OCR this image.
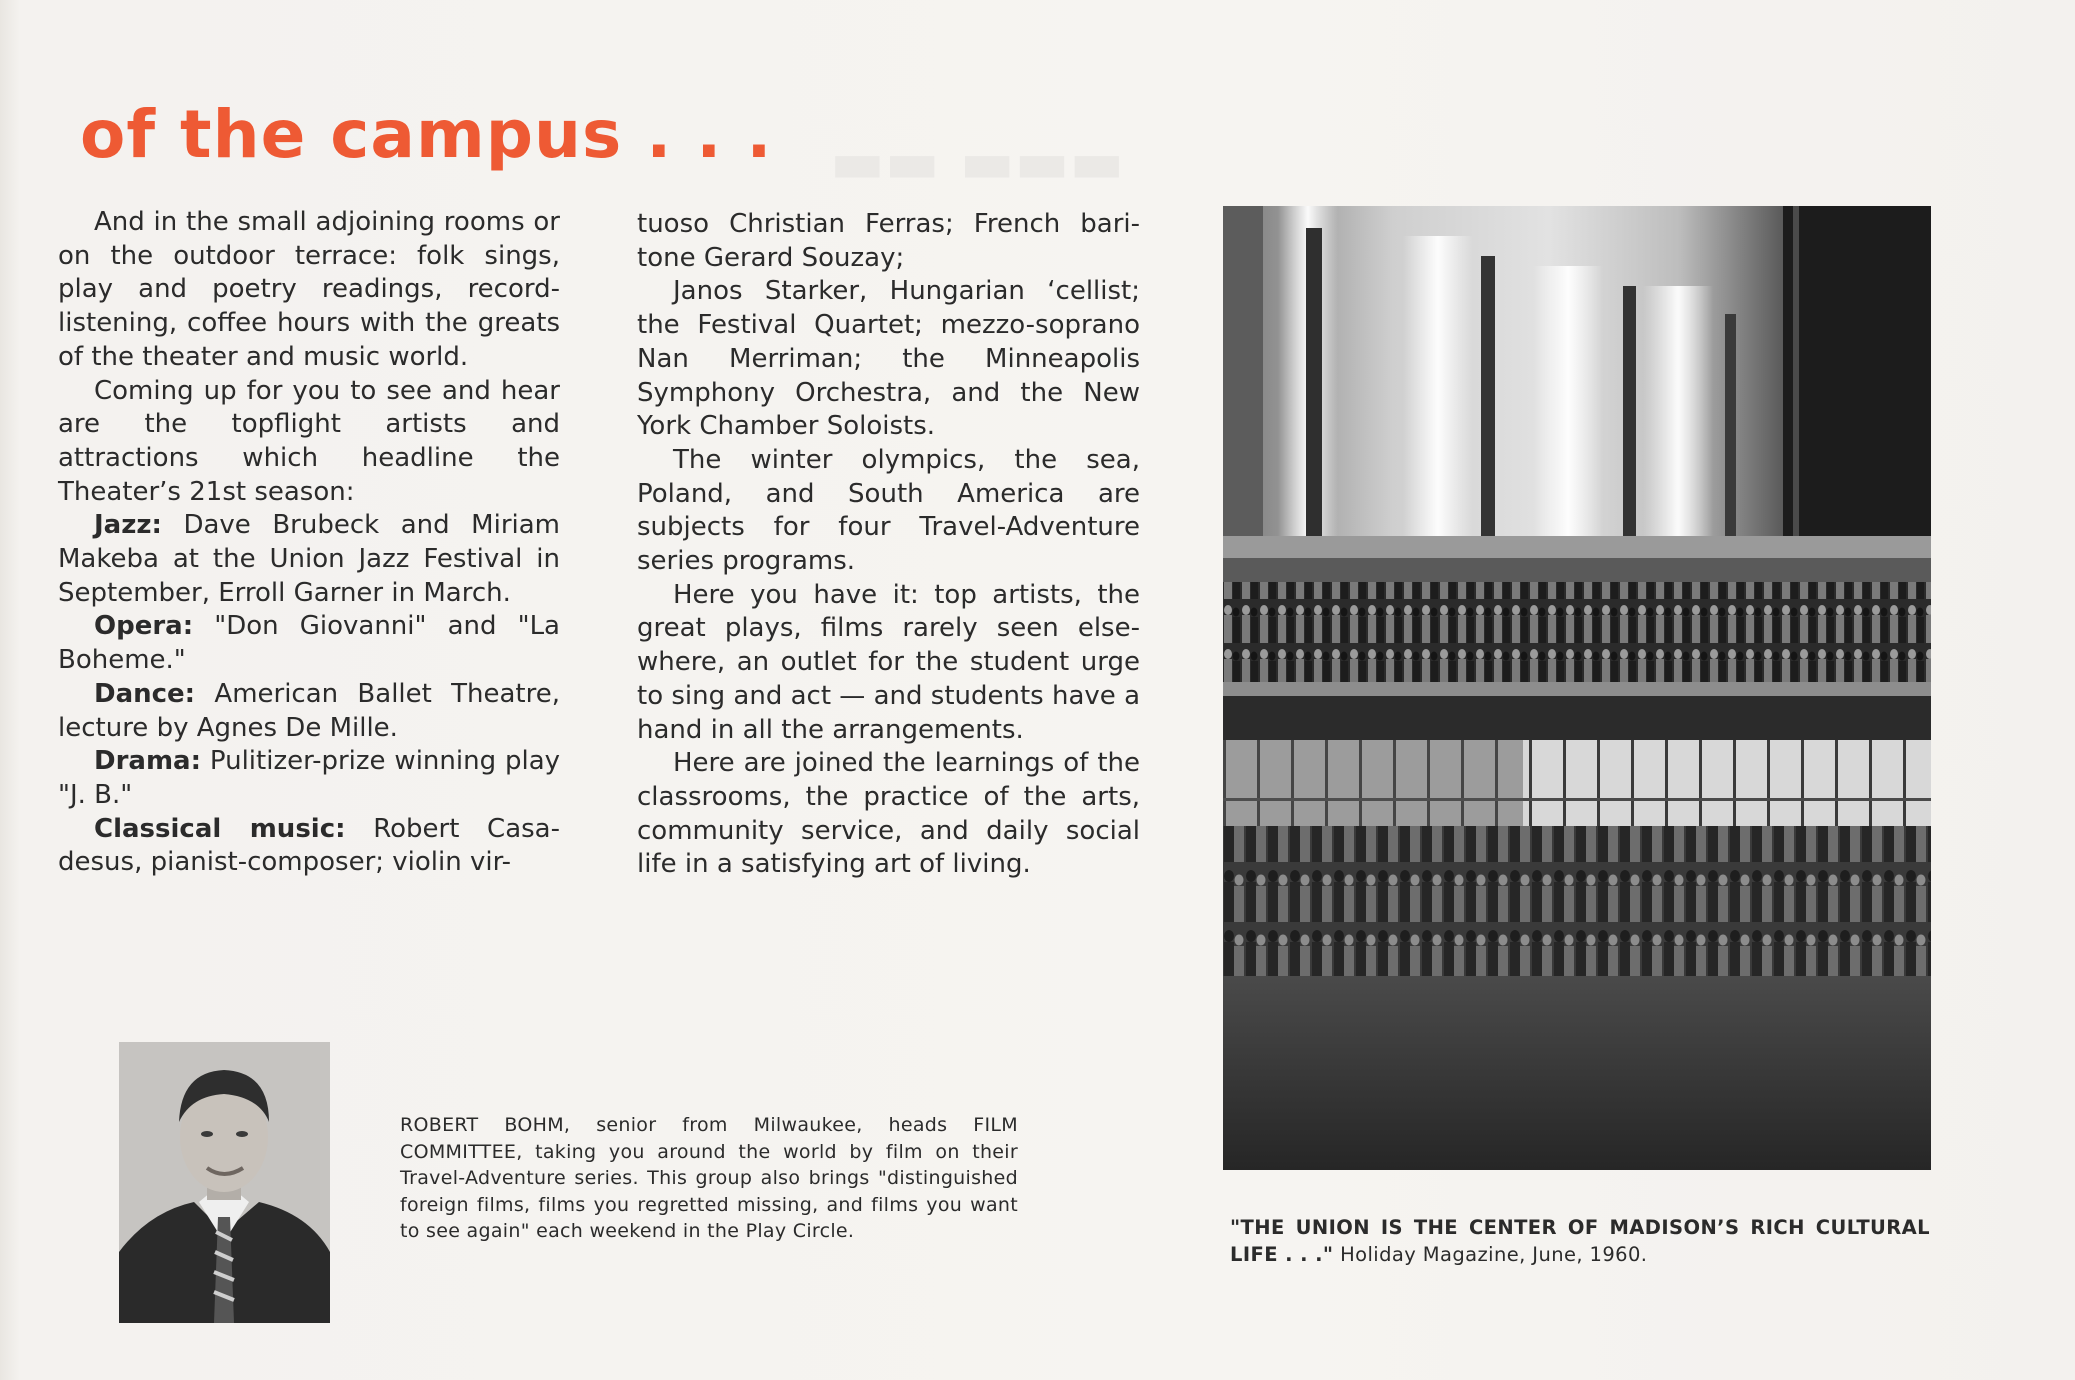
▬▬ ▬▬▬
of the campus . . .

And in the small adjoining rooms or on the outdoor terrace: folk sings, play and poetry readings, record-listening, coffee hours with the greats of the theater and music world.

Coming up for you to see and hear are the topflight artists and attractions which headline the Theater’s 21st season:

Jazz: Dave Brubeck and Miriam Makeba at the Union Jazz Festival in September, Erroll Garner in March.

Opera: "Don Giovanni" and "La Boheme."

Dance: American Ballet Theatre, lecture by Agnes De Mille.

Drama: Pulitizer-prize winning play "J. B."

Classical music: Robert Casadesus, pianist-composer; violin vir-

tuoso Christian Ferras; French baritone Gerard Souzay;

Janos Starker, Hungarian ‘cellist; the Festival Quartet; mezzo-soprano Nan Merriman; the Minneapolis Symphony Orchestra, and the New York Chamber Soloists.

The winter olympics, the sea, Poland, and South America are subjects for four Travel-Adventure series programs.

Here you have it: top artists, the great plays, films rarely seen elsewhere, an outlet for the student urge to sing and act — and students have a hand in all the arrangements.

Here are joined the learnings of the classrooms, the practice of the arts, community service, and daily social life in a satisfying art of living.

"THE UNION IS THE CENTER OF MADISON’S RICH CULTURAL LIFE . . ." Holiday Magazine, June, 1960.
ROBERT BOHM, senior from Milwaukee, heads FILM COMMITTEE, taking you around the world by film on their Travel-Adventure series. This group also brings "distinguished foreign films, films you regretted missing, and films you want to see again" each weekend in the Play Circle.
